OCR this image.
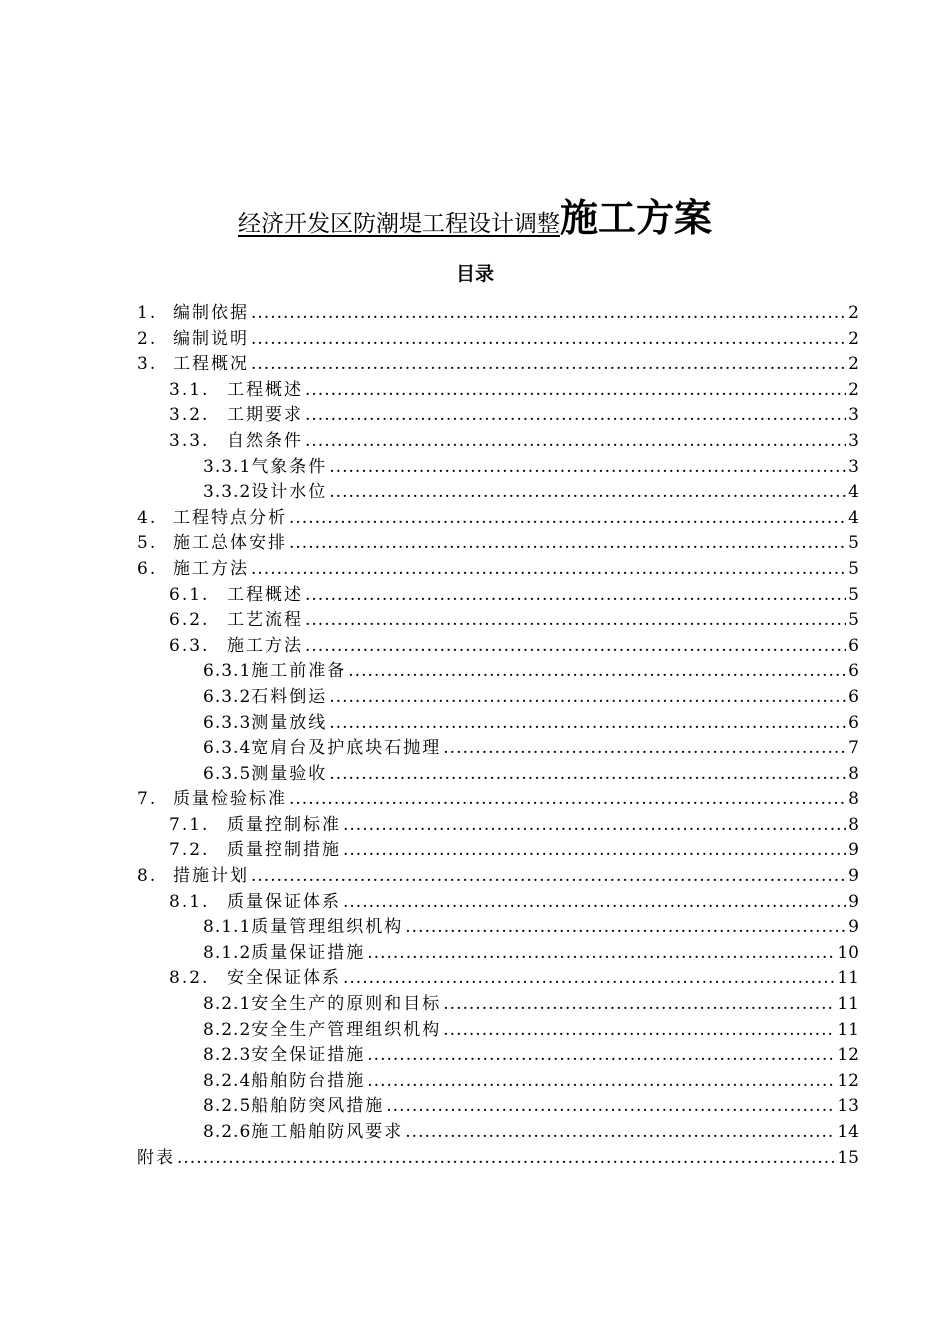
经济开发区防潮堤工程设计调整施工方案
目录
1. 编制依据 .....	2
2. 编制说明 .....	2
3. 工程概况 .....	2
3.1.	工程概述 .....	2
3.2.	工期要求 .....	3
3.3.	自然条件 .....	3
3.3.1 气象条件 .....	3
3.3.2 设计水位 .....	4
4. 工程特点分析 .....	4
5. 施工总体安排 .....	5
6. 施工方法 .....	5
6.1.	工程概述 .....	5
6.2.	工艺流程 .....	5
6.3.	施工方法 .....	6
6.3.1 施工前准备 .....	6
6.3.2 石料倒运 .....	6
6.3.3 测量放线 .....	6
6.3.4 宽肩台及护底块石抛理 .....	7
6.3.5 测量验收 .....	8
7. 质量检验标准 .....	8
7.1.	质量控制标准 .....	8
7.2.	质量控制措施 .....	9
8. 措施计划 .....	9
8.1.	质量保证体系 .....	9
8.1.1 质量管理组织机构 .....	9
8.1.2 质量保证措施 .....	10
8.2.	安全保证体系 .....	11
8.2.1 安全生产的原则和目标 .....	11
8.2.2 安全生产管理组织机构 .....	11
8.2.3 安全保证措施 .....	12
8.2.4 船舶防台措施 .....	12
8.2.5 船舶防突风措施 .....	13
8.2.6 施工船舶防风要求 .....	14
附表 .....	15
